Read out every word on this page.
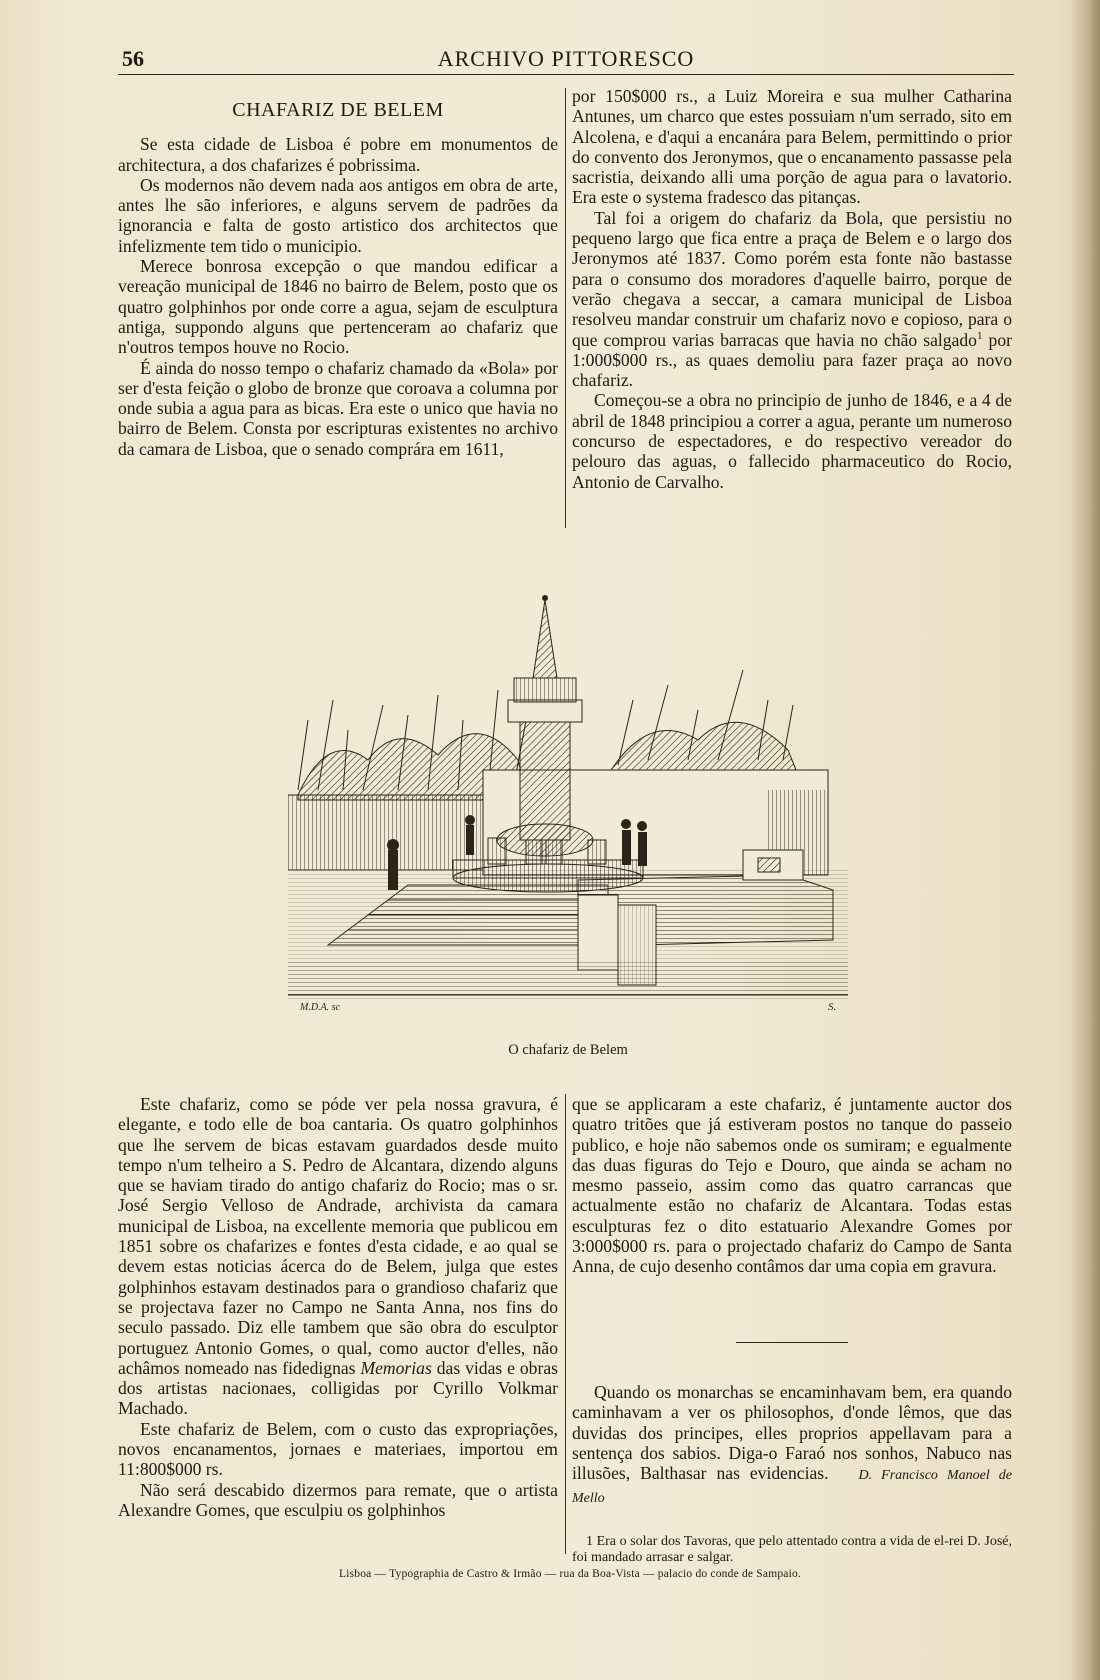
56	ARCHIVO PITTORESCO
CHAFARIZ DE BELEM

Se esta cidade de Lisboa é pobre em monumentos de architectura, a dos chafarizes é pobrissima.

Os modernos não devem nada aos antigos em obra de arte, antes lhe são inferiores, e alguns servem de padrões da ignorancia e falta de gosto artistico dos architectos que infelizmente tem tido o municipio.

Merece bonrosa excepção o que mandou edificar a vereação municipal de 1846 no bairro de Belem, posto que os quatro golphinhos por onde corre a agua, sejam de esculptura antiga, suppondo alguns que pertenceram ao chafariz que n'outros tempos houve no Rocio.

É ainda do nosso tempo o chafariz chamado da «Bola» por ser d'esta feição o globo de bronze que coroava a columna por onde subia a agua para as bicas. Era este o unico que havia no bairro de Belem. Consta por escripturas existentes no archivo da camara de Lisboa, que o senado comprára em 1611,

por 150$000 rs., a Luiz Moreira e sua mulher Catharina Antunes, um charco que estes possuiam n'um serrado, sito em Alcolena, e d'aqui a encanára para Belem, permittindo o prior do convento dos Jeronymos, que o encanamento passasse pela sacristia, deixando alli uma porção de agua para o lavatorio. Era este o systema fradesco das pitanças.

Tal foi a origem do chafariz da Bola, que persistiu no pequeno largo que fica entre a praça de Belem e o largo dos Jeronymos até 1837. Como porém esta fonte não bastasse para o consumo dos moradores d'aquelle bairro, porque de verão chegava a seccar, a camara municipal de Lisboa resolveu mandar construir um chafariz novo e copioso, para o que comprou varias barracas que havia no chão salgado$^1$ por 1:000$000 rs., as quaes demoliu para fazer praça ao novo chafariz.

Começou-se a obra no principio de junho de 1846, e a 4 de abril de 1848 principiou a correr a agua, perante um numeroso concurso de espectadores, e do respectivo vereador do pelouro das aguas, o fallecido pharmaceutico do Rocio, Antonio de Carvalho.

M.D.A. sc	S.
O chafariz de Belem

Este chafariz, como se póde ver pela nossa gravura, é elegante, e todo elle de boa cantaria. Os quatro golphinhos que lhe servem de bicas estavam guardados desde muito tempo n'um telheiro a S. Pedro de Alcantara, dizendo alguns que se haviam tirado do antigo chafariz do Rocio; mas o sr. José Sergio Velloso de Andrade, archivista da camara municipal de Lisboa, na excellente memoria que publicou em 1851 sobre os chafarizes e fontes d'esta cidade, e ao qual se devem estas noticias ácerca do de Belem, julga que estes golphinhos estavam destinados para o grandioso chafariz que se projectava fazer no Campo ne Santa Anna, nos fins do seculo passado. Diz elle tambem que são obra do esculptor portuguez Antonio Gomes, o qual, como auctor d'elles, não achâmos nomeado nas fidedignas Memorias das vidas e obras dos artistas nacionaes, colligidas por Cyrillo Volkmar Machado.

Este chafariz de Belem, com o custo das expropriações, novos encanamentos, jornaes e materiaes, importou em 11:800$000 rs.

Não será descabido dizermos para remate, que o artista Alexandre Gomes, que esculpiu os golphinhos

que se applicaram a este chafariz, é juntamente auctor dos quatro tritões que já estiveram postos no tanque do passeio publico, e hoje não sabemos onde os sumiram; e egualmente das duas figuras do Tejo e Douro, que ainda se acham no mesmo passeio, assim como das quatro carrancas que actualmente estão no chafariz de Alcantara. Todas estas esculpturas fez o dito estatuario Alexandre Gomes por 3:000$000 rs. para o projectado chafariz do Campo de Santa Anna, de cujo desenho contâmos dar uma copia em gravura.

Quando os monarchas se encaminhavam bem, era quando caminhavam a ver os philosophos, d'onde lêmos, que das duvidas dos principes, elles proprios appellavam para a sentença dos sabios. Diga-o Faraó nos sonhos, Nabuco nas illusões, Balthasar nas evidencias. D. Francisco Manoel de Mello

1 Era o solar dos Tavoras, que pelo attentado contra a vida de el-rei D. José, foi mandado arrasar e salgar.

Lisboa — Typographia de Castro & Irmão — rua da Boa-Vista — palacio do conde de Sampaio.
